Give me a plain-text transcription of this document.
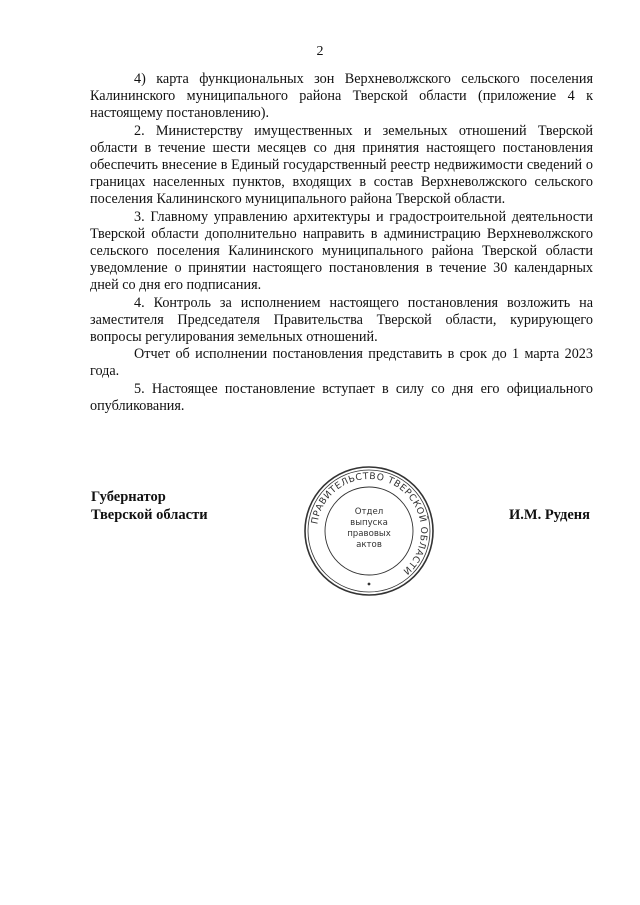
2

4) карта функциональных зон Верхневолжского сельского поселения Калининского муниципального района Тверской области (приложение 4 к настоящему постановлению).

2. Министерству имущественных и земельных отношений Тверской области в течение шести месяцев со дня принятия настоящего постановления обеспечить внесение в Единый государственный реестр недвижимости сведений о границах населенных пунктов, входящих в состав Верхневолжского сельского поселения Калининского муниципального района Тверской области.

3. Главному управлению архитектуры и градостроительной деятельности Тверской области дополнительно направить в администрацию Верхневолжского сельского поселения Калининского муниципального района Тверской области уведомление о принятии настоящего постановления в течение 30 календарных дней со дня его подписания.

4. Контроль за исполнением настоящего постановления возложить на заместителя Председателя Правительства Тверской области, курирующего вопросы регулирования земельных отношений.

Отчет об исполнении постановления представить в срок до 1 марта 2023 года.

5. Настоящее постановление вступает в силу со дня его официального опубликования.

Губернатор
Тверской области	ПРАВИТЕЛЬСТВО ТВЕРСКОЙ ОБЛАСТИ
Отдел
выпуска
правовых
актов
И.М. Руденя
